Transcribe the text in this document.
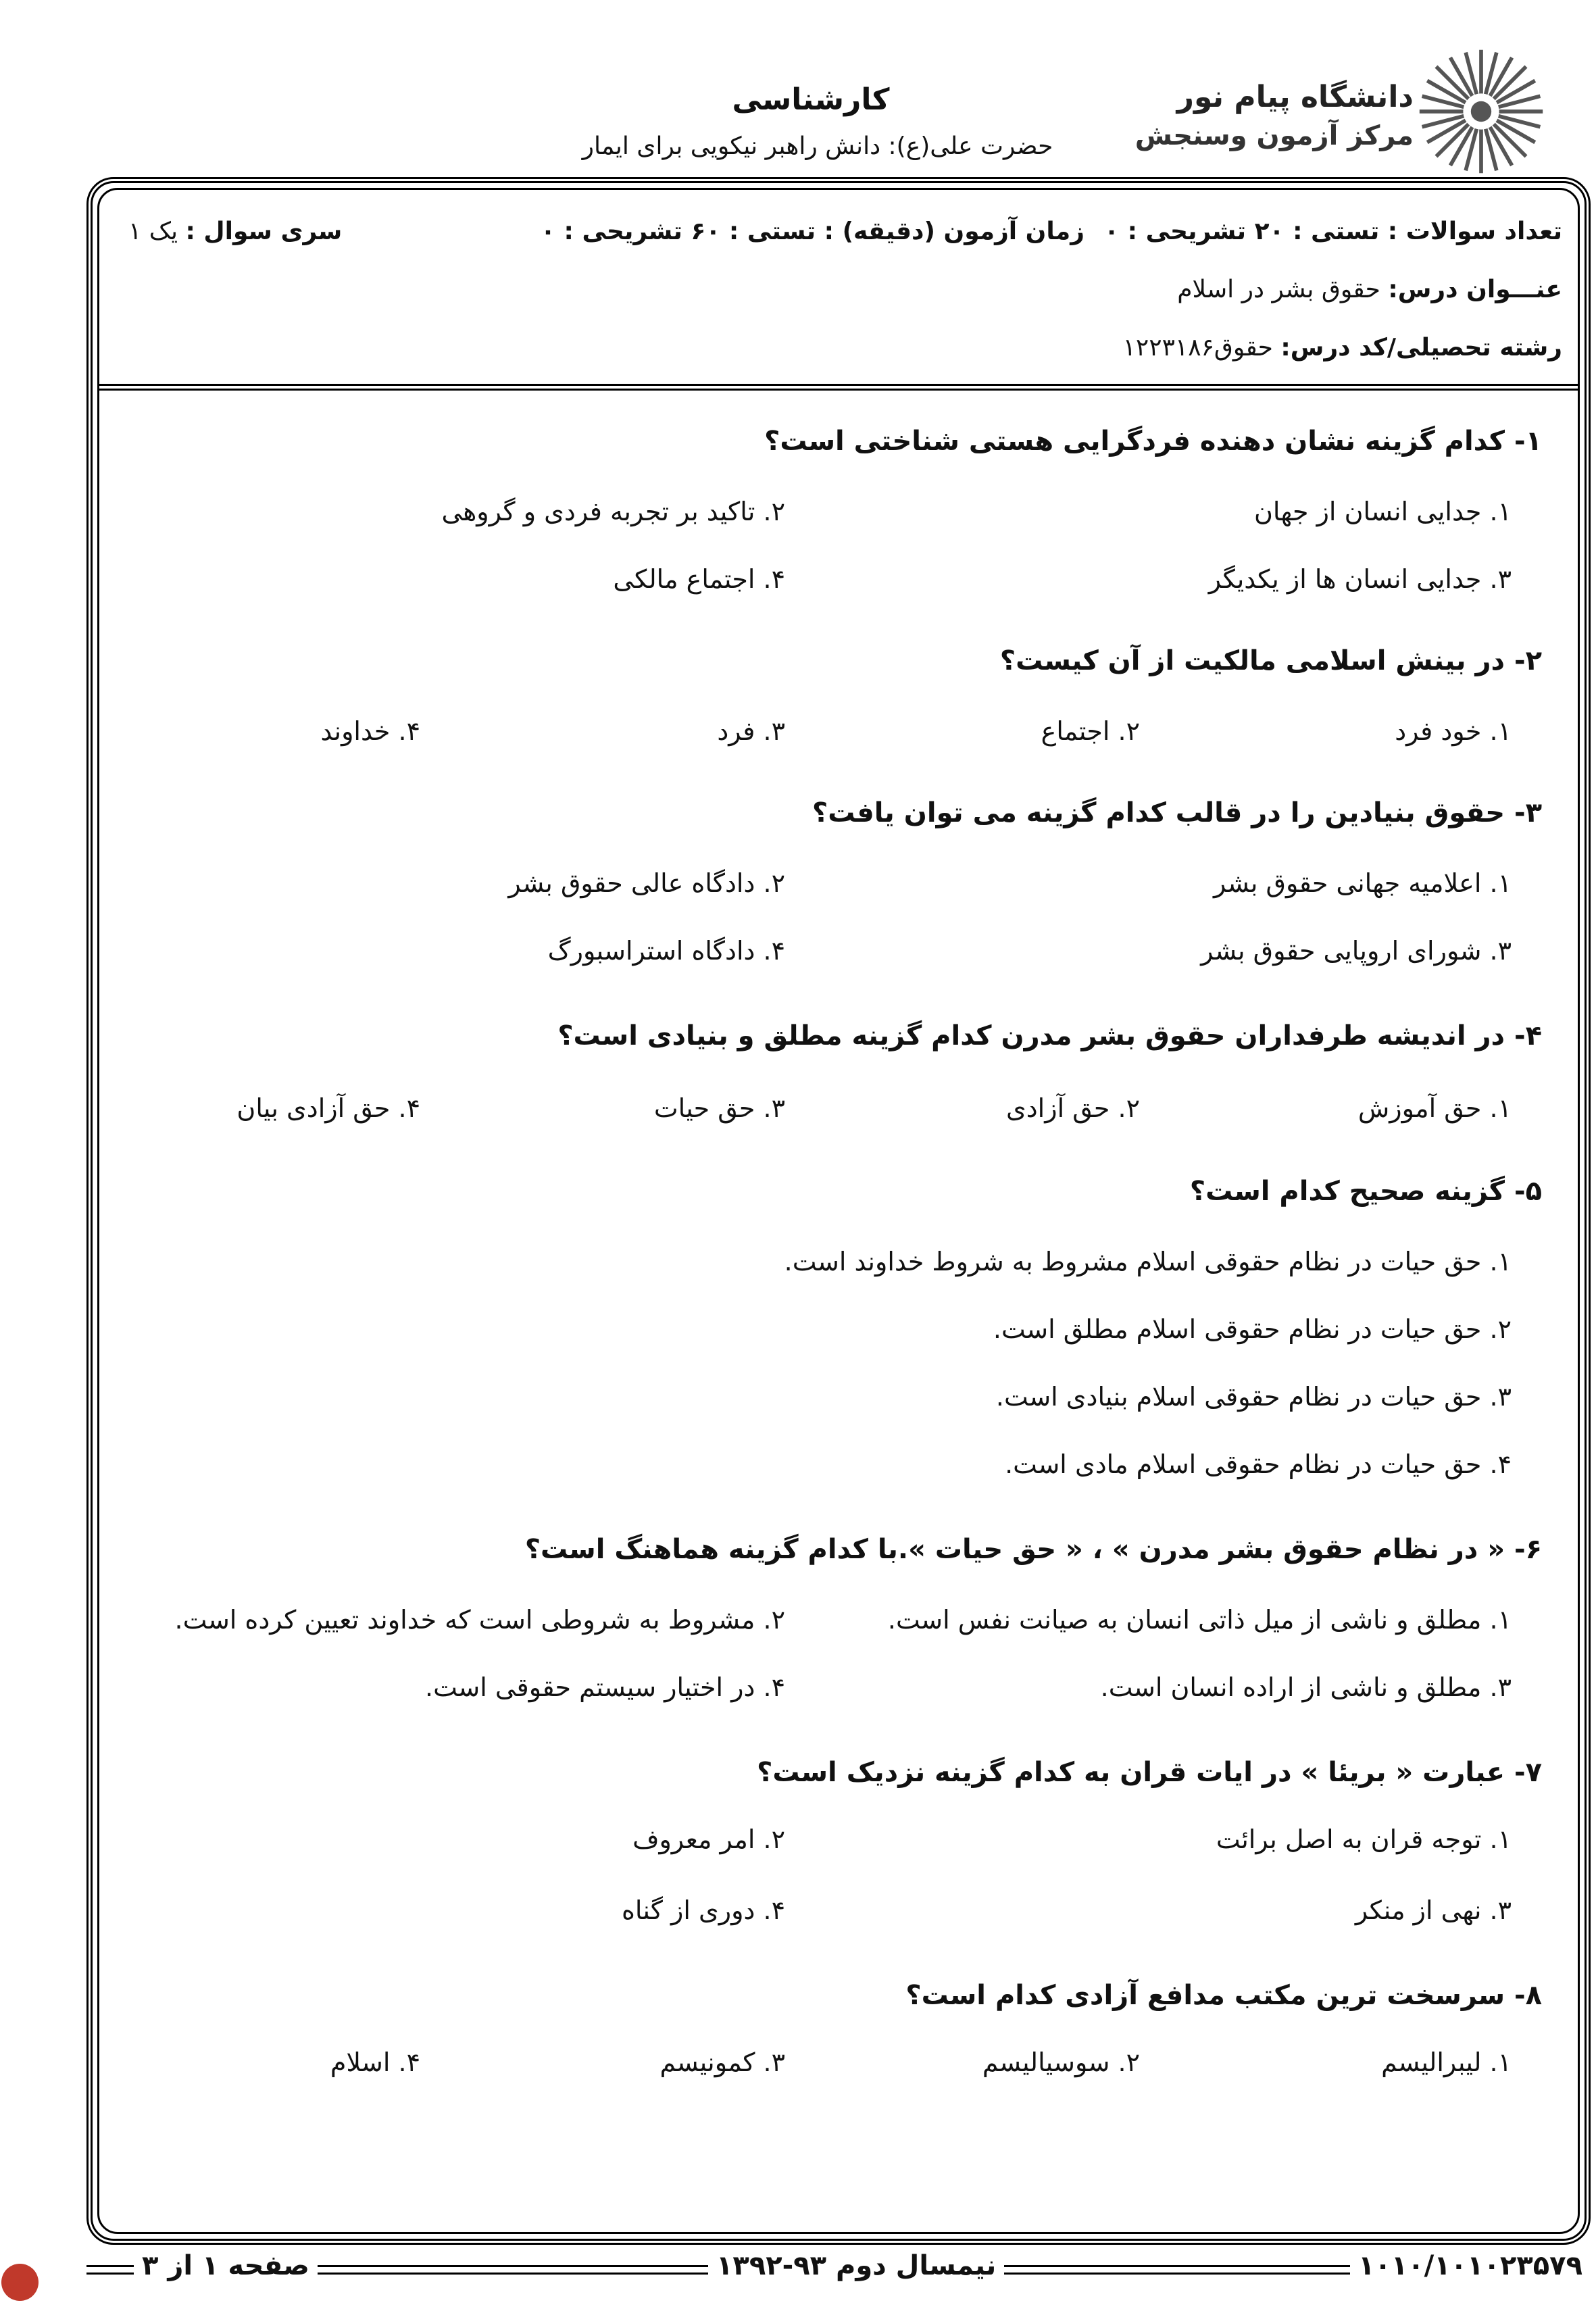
دانشگاه پیام نور
مرکز آزمون وسنجش
کارشناسی
حضرت علی(ع): دانش راهبر نیکویی برای ایمار
تعداد سوالات : تستی : ۲۰ تشریحی : ۰
زمان آزمون (دقیقه) : تستی : ۶۰ تشریحی : ۰
سری سوال : یک ۱
عنـــوان درس: حقوق بشر در اسلام
رشته تحصیلی/کد درس: حقوق۱۲۲۳۱۸۶
۱- کدام گزینه نشان دهنده فردگرایی هستی شناختی است؟
۱. جدایی انسان از جهان
۲. تاکید بر تجربه فردی و گروهی
۳. جدایی انسان ها از یکدیگر
۴. اجتماع مالکی
۲- در بینش اسلامی مالکیت از آن کیست؟
۱. خود فرد
۲. اجتماع
۳. فرد
۴. خداوند
۳- حقوق بنیادین را در قالب کدام گزینه می توان یافت؟
۱. اعلامیه جهانی حقوق بشر
۲. دادگاه عالی حقوق بشر
۳. شورای اروپایی حقوق بشر
۴. دادگاه استراسبورگ
۴- در اندیشه طرفداران حقوق بشر مدرن کدام گزینه مطلق و بنیادی است؟
۱. حق آموزش
۲. حق آزادی
۳. حق حیات
۴. حق آزادی بیان
۵- گزینه صحیح کدام است؟
۱. حق حیات در نظام حقوقی اسلام مشروط به شروط خداوند است.
۲. حق حیات در نظام حقوقی اسلام مطلق است.
۳. حق حیات در نظام حقوقی اسلام بنیادی است.
۴. حق حیات در نظام حقوقی اسلام مادی است.
۶- « در نظام حقوق بشر مدرن » ، « حق حیات ».با کدام گزینه هماهنگ است؟
۱. مطلق و ناشی از میل ذاتی انسان به صیانت نفس است.
۲. مشروط به شروطی است که خداوند تعیین کرده است.
۳. مطلق و ناشی از اراده انسان است.
۴. در اختیار سیستم حقوقی است.
۷- عبارت « بریئا » در ایات قران به کدام گزینه نزدیک است؟
۱. توجه قران به اصل برائت
۲. امر معروف
۳. نهی از منکر
۴. دوری از گناه
۸- سرسخت ترین مکتب مدافع آزادی کدام است؟
۱. لیبرالیسم
۲. سوسیالیسم
۳. کمونیسم
۴. اسلام
۱۰۱۰/۱۰۱۰۲۳۵۷۹
نیمسال دوم ۹۳-۱۳۹۲
صفحه ۱ از ۳
